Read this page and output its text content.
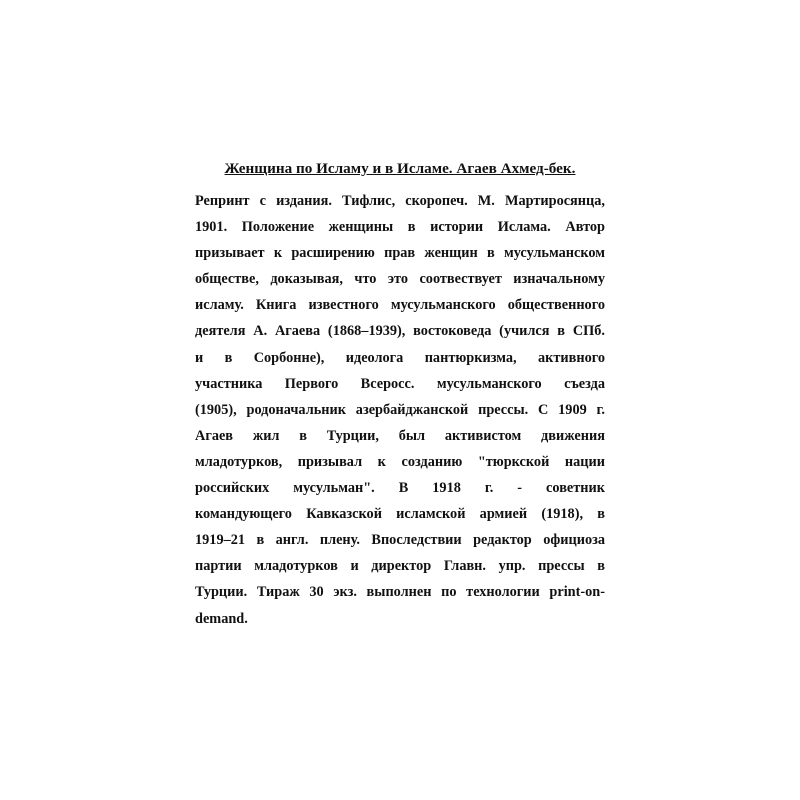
Женщина по Исламу и в Исламе. Агаев Ахмед-бек.
Репринт с издания. Тифлис, скоропеч. М. Мартиросянца,
1901. Положение женщины в истории Ислама. Автор
призывает к расширению прав женщин в мусульманском
обществе, доказывая, что это соотвествует изначальному
исламу. Книга известного мусульманского общественного
деятеля А. Агаева (1868–1939), востоковеда (учился в СПб.
и в Сорбонне), идеолога пантюркизма, активного
участника Первого Всеросс. мусульманского съезда
(1905), родоначальник азербайджанской прессы. С 1909 г.
Агаев жил в Турции, был активистом движения
младотурков, призывал к созданию "тюркской нации
российских мусульман". В 1918 г. - советник
командующего Кавказской исламской армией (1918), в
1919–21 в англ. плену. Впоследствии редактор официоза
партии младотурков и директор Главн. упр. прессы в
Турции. Тираж 30 экз. выполнен по технологии print-on-
demand.
